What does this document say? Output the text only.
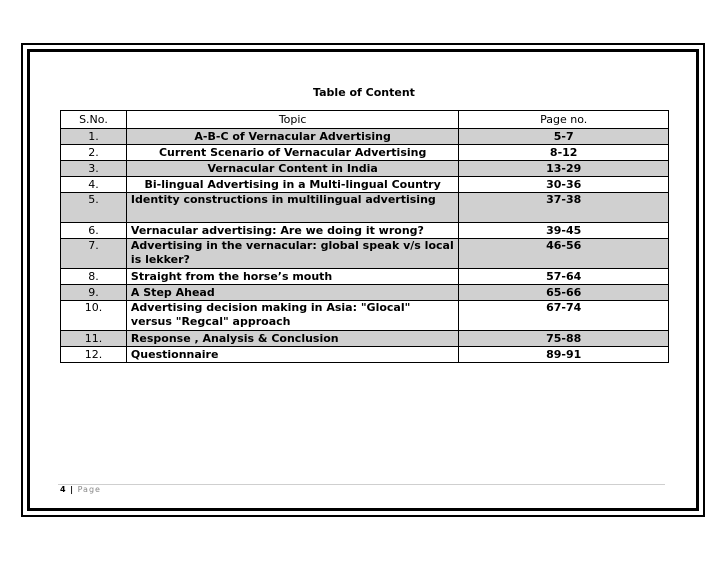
Table of Content
S.No.	Topic	Page no.
1.	A-B-C of Vernacular Advertising	5-7
2.	Current Scenario of Vernacular Advertising	8-12
3.	Vernacular Content in India	13-29
4.	Bi-lingual Advertising in a Multi-lingual Country	30-36
5.	Identity constructions in multilingual advertising	37-38
6.	Vernacular advertising: Are we doing it wrong?	39-45
7.	Advertising in the vernacular: global speak v/s local is lekker?	46-56
8.	Straight from the horse’s mouth	57-64
9.	A Step Ahead	65-66
10.	Advertising decision making in Asia: "Glocal" versus "Regcal" approach	67-74
11.	Response , Analysis & Conclusion	75-88
12.	Questionnaire	89-91
4 | Page
